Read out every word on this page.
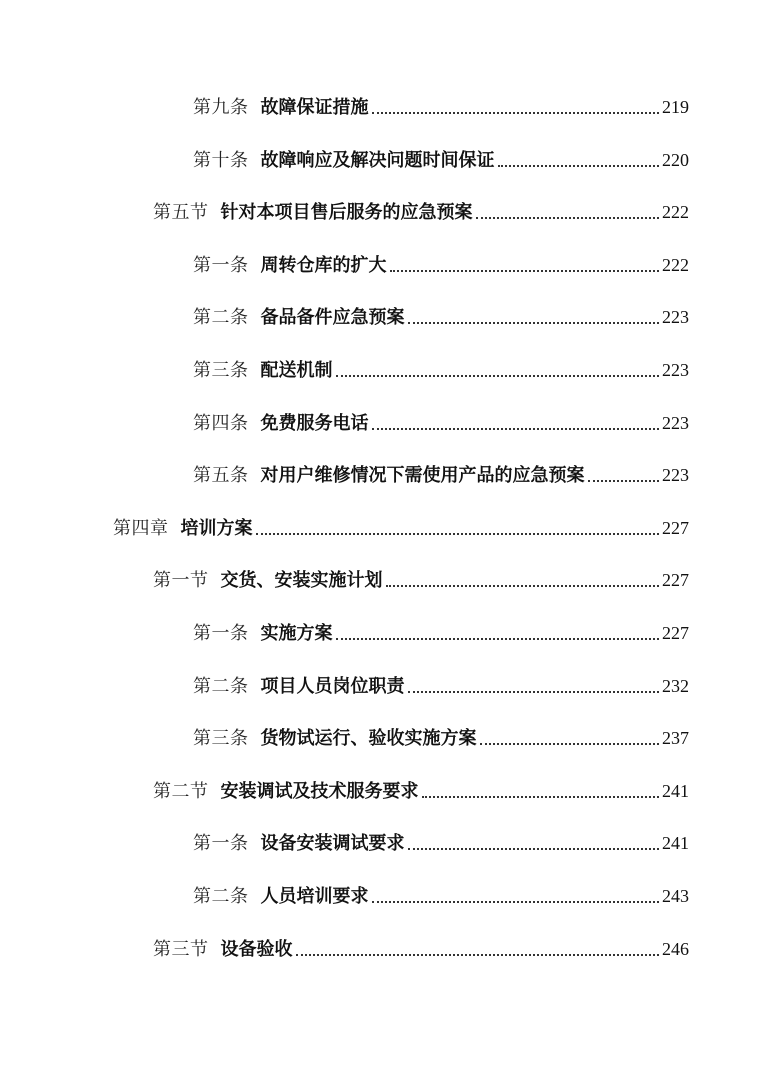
第九条 故障保证措施	219
第十条 故障响应及解决问题时间保证	220
第五节 针对本项目售后服务的应急预案	222
第一条 周转仓库的扩大	222
第二条 备品备件应急预案	223
第三条 配送机制	223
第四条 免费服务电话	223
第五条 对用户维修情况下需使用产品的应急预案	223
第四章 培训方案	227
第一节 交货、安装实施计划	227
第一条 实施方案	227
第二条 项目人员岗位职责	232
第三条 货物试运行、验收实施方案	237
第二节 安装调试及技术服务要求	241
第一条 设备安装调试要求	241
第二条 人员培训要求	243
第三节 设备验收	246
